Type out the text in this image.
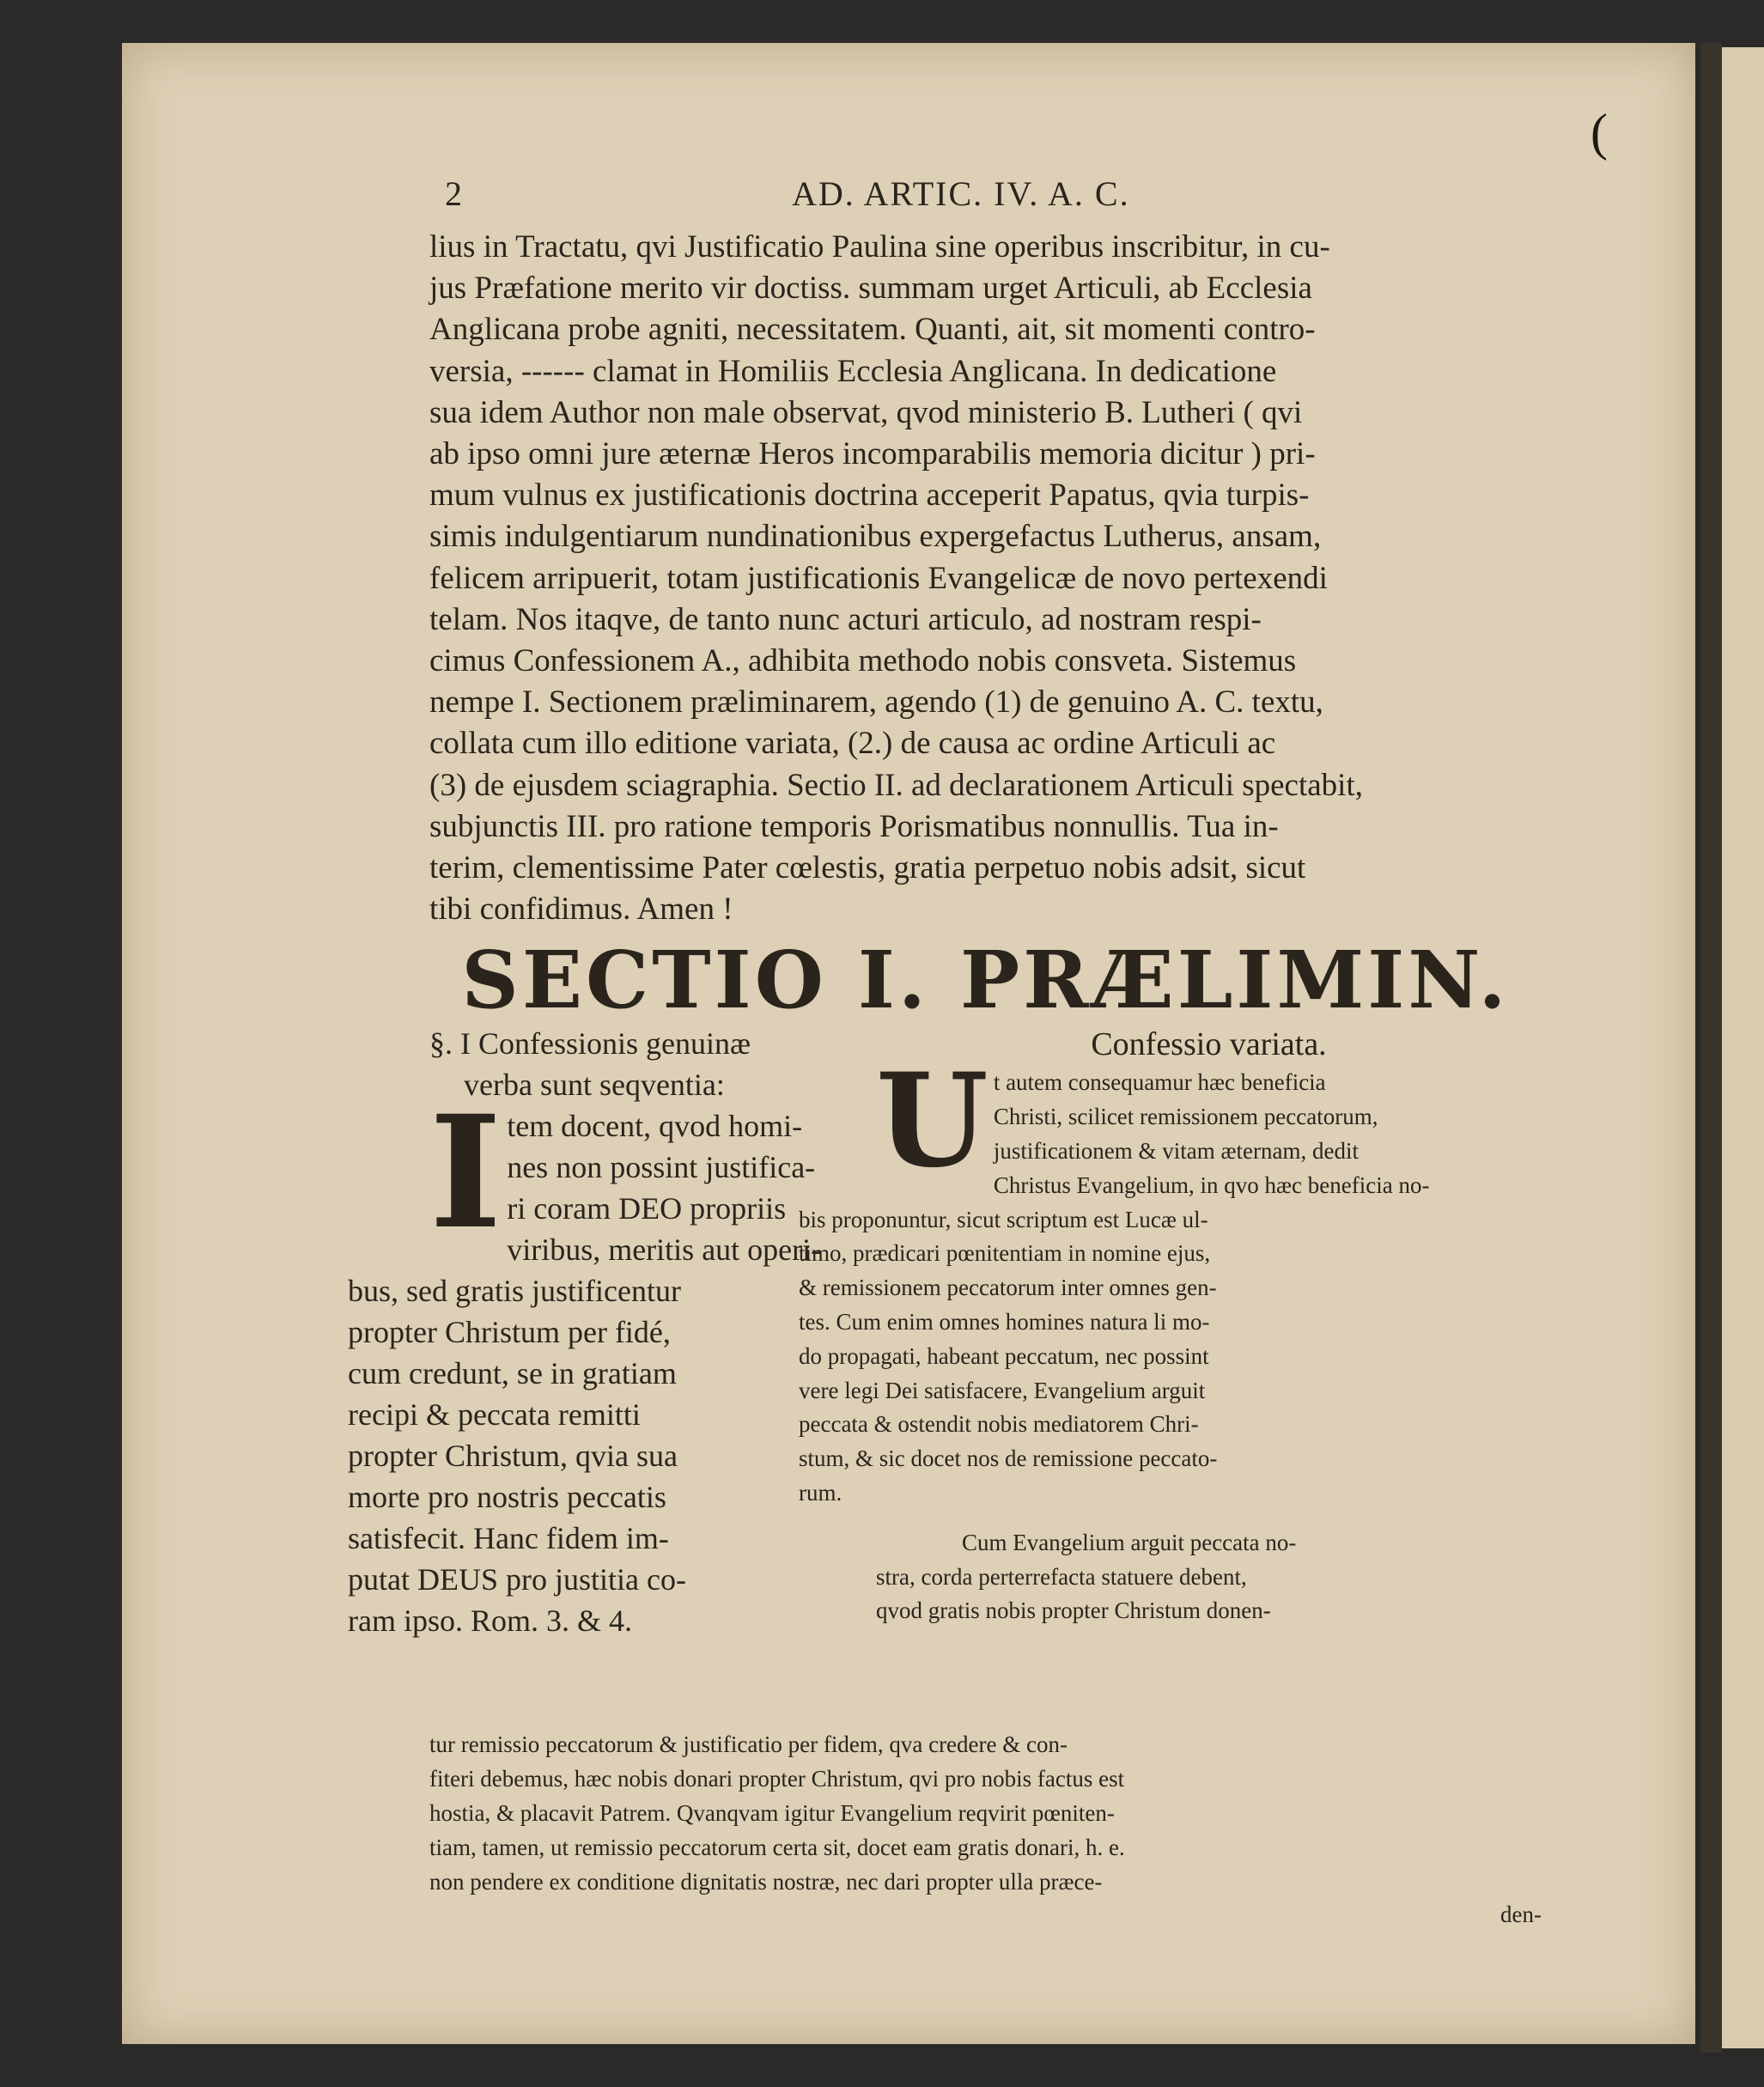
(
2	AD. ARTIC. IV. A. C.
lius in Tractatu, qvi Justificatio Paulina sine operibus inscribitur, in cu-
jus Præfatione merito vir doctiss. summam urget Articuli, ab Ecclesia
Anglicana probe agniti, necessitatem. Quanti, ait, sit momenti contro-
versia, ------ clamat in Homiliis Ecclesia Anglicana. In dedicatione
sua idem Author non male observat, qvod ministerio B. Lutheri ( qvi
ab ipso omni jure æternæ Heros incomparabilis memoria dicitur ) pri-
mum vulnus ex justificationis doctrina acceperit Papatus, qvia turpis-
simis indulgentiarum nundinationibus expergefactus Lutherus, ansam,
felicem arripuerit, totam justificationis Evangelicæ de novo pertexendi
telam. Nos itaqve, de tanto nunc acturi articulo, ad nostram respi-
cimus Confessionem A., adhibita methodo nobis consveta. Sistemus
nempe I. Sectionem præliminarem, agendo (1) de genuino A. C. textu,
collata cum illo editione variata, (2.) de causa ac ordine Articuli ac
(3) de ejusdem sciagraphia. Sectio II. ad declarationem Articuli spectabit,
subjunctis III. pro ratione temporis Porismatibus nonnullis. Tua in-
terim, clementissime Pater cœlestis, gratia perpetuo nobis adsit, sicut
tibi confidimus. Amen !
SECTIO I. PRÆLIMIN.
§. I Confessionis genuinæ
verba sunt seqventia:
I tem docent, qvod homi-
nes non possint justifica-
ri coram DEO propriis
viribus, meritis aut operi-
bus, sed gratis justificentur
propter Christum per fidé,
cum credunt, se in gratiam
recipi & peccata remitti
propter Christum, qvia sua
morte pro nostris peccatis
satisfecit. Hanc fidem im-
putat DEUS pro justitia co-
ram ipso. Rom. 3. & 4.
Confessio variata.
U t autem consequamur hæc beneficia
Christi, scilicet remissionem peccatorum,
justificationem & vitam æternam, dedit
Christus Evangelium, in qvo hæc beneficia no-
bis proponuntur, sicut scriptum est Lucæ ul-
timo, prædicari pœnitentiam in nomine ejus,
& remissionem peccatorum inter omnes gen-
tes. Cum enim omnes homines natura li mo-
do propagati, habeant peccatum, nec possint
vere legi Dei satisfacere, Evangelium arguit
peccata & ostendit nobis mediatorem Chri-
stum, & sic docet nos de remissione peccato-
rum.
Cum Evangelium arguit peccata no-
stra, corda perterrefacta statuere debent,
qvod gratis nobis propter Christum donen-
tur remissio peccatorum & justificatio per fidem, qva credere & con-
fiteri debemus, hæc nobis donari propter Christum, qvi pro nobis factus est
hostia, & placavit Patrem. Qvanqvam igitur Evangelium reqvirit pœniten-
tiam, tamen, ut remissio peccatorum certa sit, docet eam gratis donari, h. e.
non pendere ex conditione dignitatis nostræ, nec dari propter ulla præce-
den-
